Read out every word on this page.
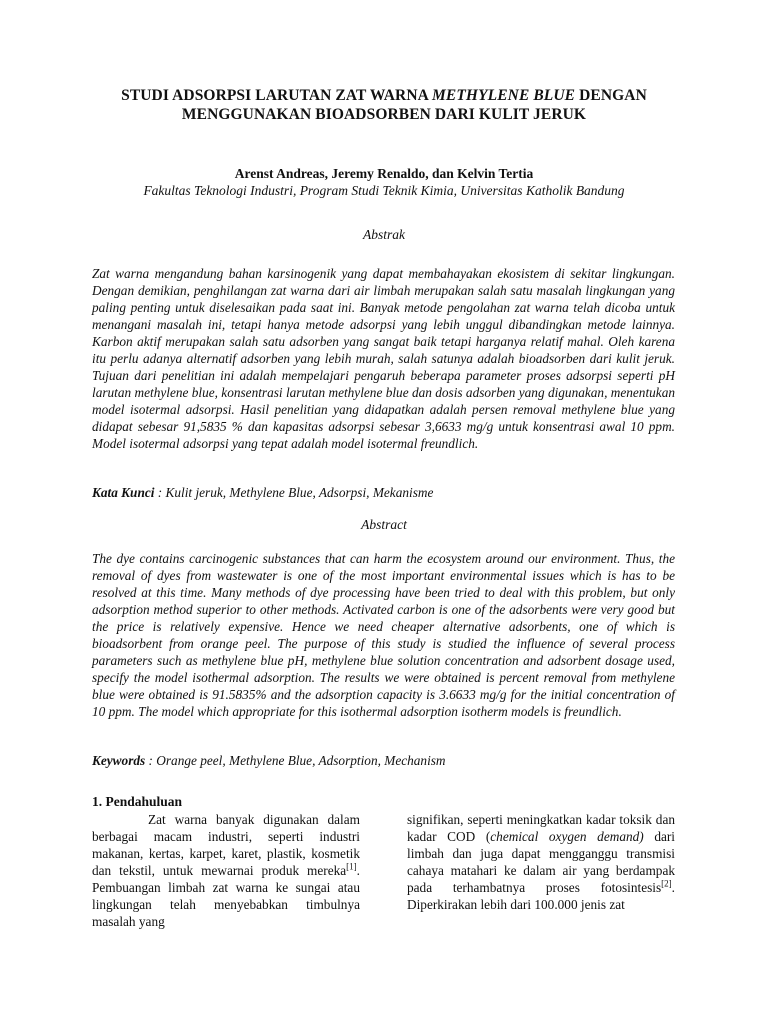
STUDI ADSORPSI LARUTAN ZAT WARNA METHYLENE BLUE DENGAN MENGGUNAKAN BIOADSORBEN DARI KULIT JERUK
Arenst Andreas, Jeremy Renaldo, dan Kelvin Tertia
Fakultas Teknologi Industri, Program Studi Teknik Kimia, Universitas Katholik Bandung
Abstrak

Zat warna mengandung bahan karsinogenik yang dapat membahayakan ekosistem di sekitar lingkungan. Dengan demikian, penghilangan zat warna dari air limbah merupakan salah satu masalah lingkungan yang paling penting untuk diselesaikan pada saat ini. Banyak metode pengolahan zat warna telah dicoba untuk menangani masalah ini, tetapi hanya metode adsorpsi yang lebih unggul dibandingkan metode lainnya. Karbon aktif merupakan salah satu adsorben yang sangat baik tetapi harganya relatif mahal. Oleh karena itu perlu adanya alternatif adsorben yang lebih murah, salah satunya adalah bioadsorben dari kulit jeruk. Tujuan dari penelitian ini adalah mempelajari pengaruh beberapa parameter proses adsorpsi seperti pH larutan methylene blue, konsentrasi larutan methylene blue dan dosis adsorben yang digunakan, menentukan model isotermal adsorpsi. Hasil penelitian yang didapatkan adalah persen removal methylene blue yang didapat sebesar 91,5835 % dan kapasitas adsorpsi sebesar 3,6633 mg/g untuk konsentrasi awal 10 ppm. Model isotermal adsorpsi yang tepat adalah model isotermal freundlich.

Kata Kunci : Kulit jeruk, Methylene Blue, Adsorpsi, Mekanisme
Abstract

The dye contains carcinogenic substances that can harm the ecosystem around our environment. Thus, the removal of dyes from wastewater is one of the most important environmental issues which is has to be resolved at this time. Many methods of dye processing have been tried to deal with this problem, but only adsorption method superior to other methods. Activated carbon is one of the adsorbents were very good but the price is relatively expensive. Hence we need cheaper alternative adsorbents, one of which is bioadsorbent from orange peel. The purpose of this study is studied the influence of several process parameters such as methylene blue pH, methylene blue solution concentration and adsorbent dosage used, specify the model isothermal adsorption. The results we were obtained is percent removal from methylene blue were obtained is 91.5835% and the adsorption capacity is 3.6633 mg/g for the initial concentration of 10 ppm. The model which appropriate for this isothermal adsorption isotherm models is freundlich.

Keywords : Orange peel, Methylene Blue, Adsorption, Mechanism
1. Pendahuluan

Zat warna banyak digunakan dalam berbagai macam industri, seperti industri makanan, kertas, karpet, karet, plastik, kosmetik dan tekstil, untuk mewarnai produk mereka[1]. Pembuangan limbah zat warna ke sungai atau lingkungan telah menyebabkan timbulnya masalah yang

signifikan, seperti meningkatkan kadar toksik dan kadar COD (chemical oxygen demand) dari limbah dan juga dapat mengganggu transmisi cahaya matahari ke dalam air yang berdampak pada terhambatnya proses fotosintesis[2]. Diperkirakan lebih dari 100.000 jenis zat
